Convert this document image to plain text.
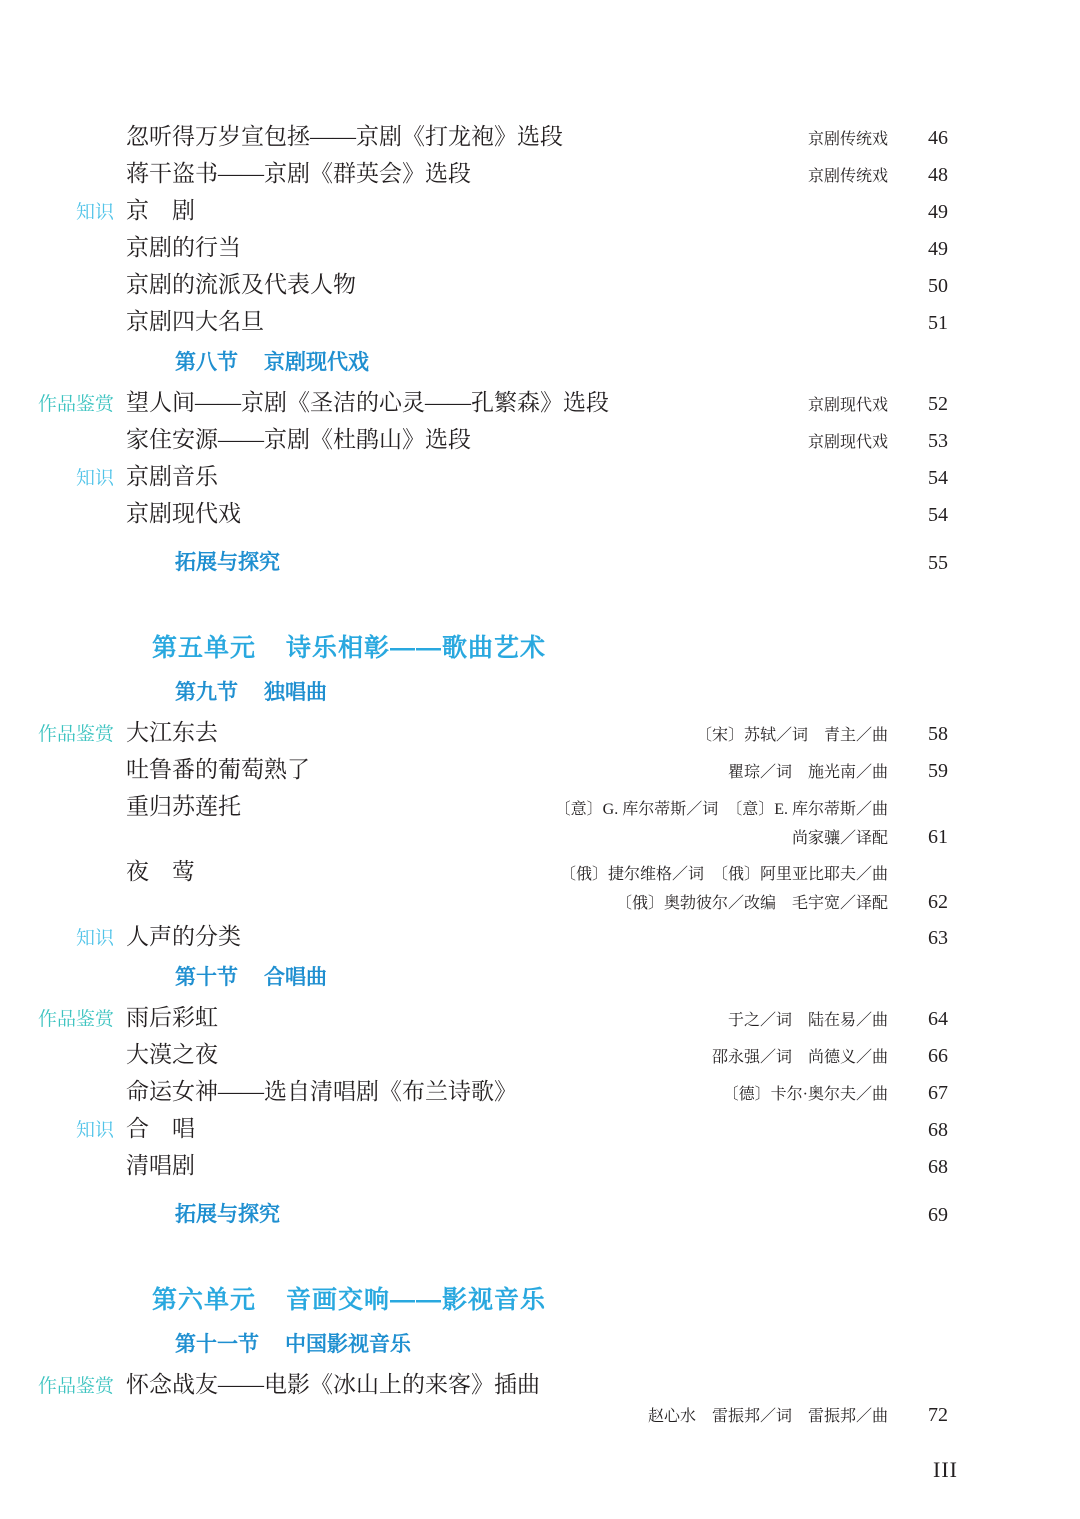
忽听得万岁宣包拯——京剧《打龙袍》选段	京剧传统戏	46
蒋干盗书——京剧《群英会》选段	京剧传统戏	48
知识 京　剧	49
京剧的行当	49
京剧的流派及代表人物	50
京剧四大名旦	51
第八节 京剧现代戏
作品鉴赏 望人间——京剧《圣洁的心灵——孔繁森》选段	京剧现代戏	52
家住安源——京剧《杜鹃山》选段	京剧现代戏	53
知识 京剧音乐	54
京剧现代戏	54
拓展与探究	55
第五单元 诗乐相彰——歌曲艺术
第九节 独唱曲
作品鉴赏 大江东去	〔宋〕苏轼／词　青主／曲	58
吐鲁番的葡萄熟了	瞿琮／词　施光南／曲	59
重归苏莲托	〔意〕G. 库尔蒂斯／词　〔意〕E. 库尔蒂斯／曲
尚家骧／译配	61
夜　莺	〔俄〕捷尔维格／词　〔俄〕阿里亚比耶夫／曲
〔俄〕奥勃彼尔／改编　毛宇宽／译配	62
知识 人声的分类	63
第十节 合唱曲
作品鉴赏 雨后彩虹	于之／词　陆在易／曲	64
大漠之夜	邵永强／词　尚德义／曲	66
命运女神——选自清唱剧《布兰诗歌》	〔德〕卡尔·奥尔夫／曲	67
知识 合　唱	68
清唱剧	68
拓展与探究	69
第六单元 音画交响——影视音乐
第十一节 中国影视音乐
作品鉴赏 怀念战友——电影《冰山上的来客》插曲
赵心水　雷振邦／词　雷振邦／曲	72
III
